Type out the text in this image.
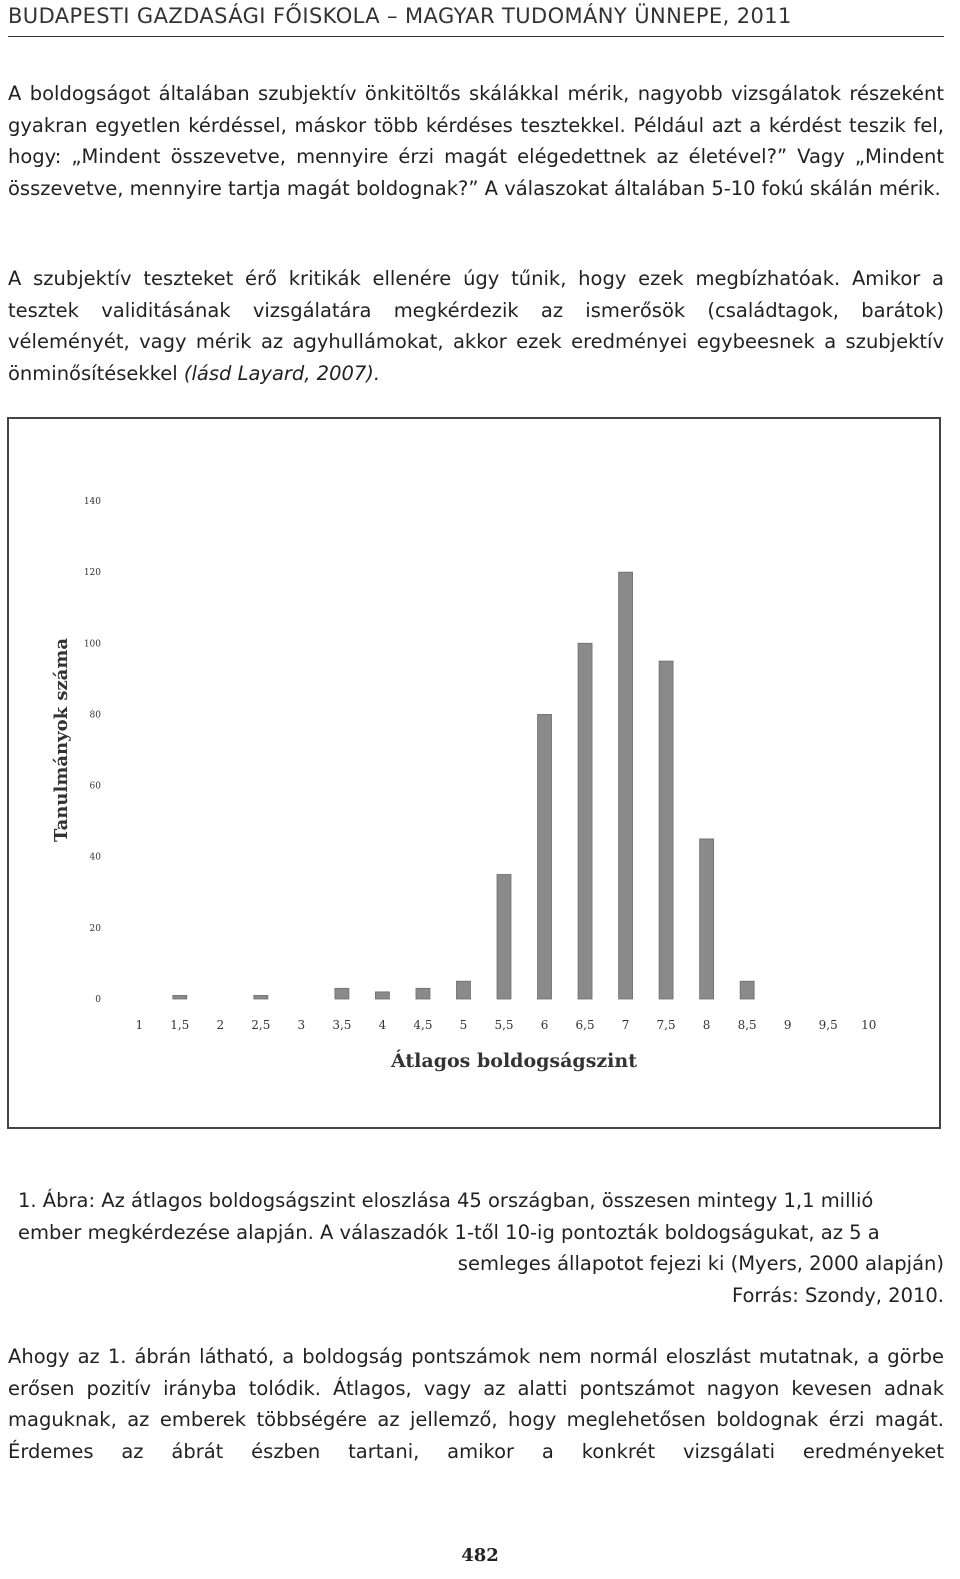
BUDAPESTI GAZDASÁGI FŐISKOLA – MAGYAR TUDOMÁNY ÜNNEPE, 2011

A boldogságot általában szubjektív önkitöltős skálákkal mérik, nagyobb vizsgálatok részeként gyakran egyetlen kérdéssel, máskor több kérdéses tesztekkel. Például azt a kérdést teszik fel, hogy: „Mindent összevetve, mennyire érzi magát elégedettnek az életével?” Vagy „Mindent összevetve, mennyire tartja magát boldognak?” A válaszokat általában 5-10 fokú skálán mérik.

A szubjektív teszteket érő kritikák ellenére úgy tűnik, hogy ezek megbízhatóak. Amikor a tesztek validitásának vizsgálatára megkérdezik az ismerősök (családtagok, barátok) véleményét, vagy mérik az agyhullámokat, akkor ezek eredményei egybeesnek a szubjektív önminősítésekkel (lásd Layard, 2007).

0
20
40
60
80
100
120
140
1 1,5 2 2,5 3 3,5 4 4,5 5 5,5 6 6,5 7 7,5 8 8,5 9 9,5 10
Átlagos boldogságszint
Tanulmányok száma
1. Ábra: Az átlagos boldogságszint eloszlása 45 országban, összesen mintegy 1,1 millió
ember megkérdezése alapján. A válaszadók 1-től 10-ig pontozták boldogságukat, az 5 a
semleges állapotot fejezi ki (Myers, 2000 alapján)
Forrás: Szondy, 2010.

Ahogy az 1. ábrán látható, a boldogság pontszámok nem normál eloszlást mutatnak, a görbe erősen pozitív irányba tolódik. Átlagos, vagy az alatti pontszámot nagyon kevesen adnak maguknak, az emberek többségére az jellemző, hogy meglehetősen boldognak érzi magát. Érdemes az ábrát észben tartani, amikor a konkrét vizsgálati eredményeket

482
